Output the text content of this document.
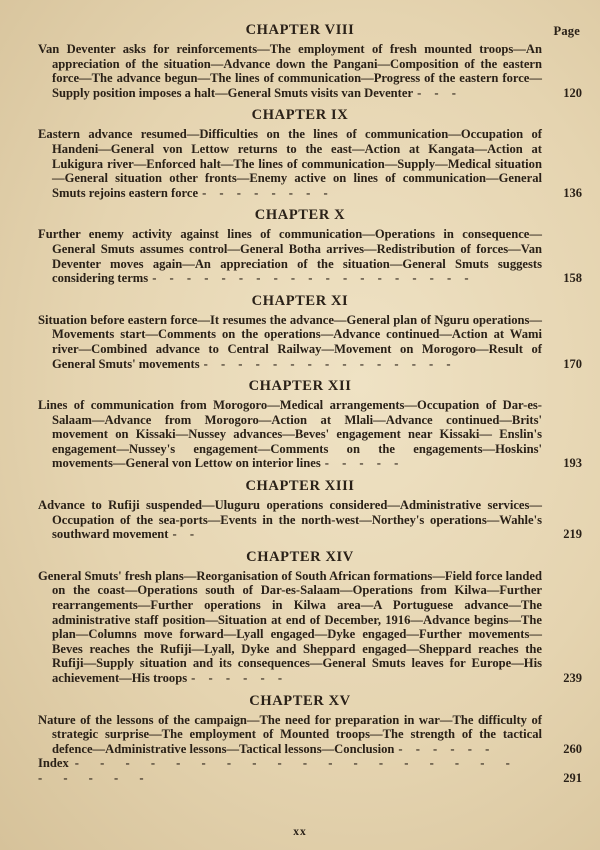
Page
CHAPTER VIII
Van Deventer asks for reinforcements—The employment of fresh mounted troops—An appreciation of the situation—Advance down the Pangani—Composition of the eastern force—The advance begun—The lines of communication—Progress of the eastern force—Supply position imposes a halt—General Smuts visits van Deventer - - -	120
CHAPTER IX
Eastern advance resumed—Difficulties on the lines of communication—Occupation of Handeni—General von Lettow returns to the east—Action at Kangata—Action at Lukigura river—Enforced halt—The lines of communication—Supply—Medical situation—General situation other fronts—Enemy active on lines of communication—General Smuts rejoins eastern force - - - - - - - -	136
CHAPTER X
Further enemy activity against lines of communication—Operations in consequence—General Smuts assumes control—General Botha arrives—Redistribution of forces—Van Deventer moves again—An appreciation of the situation—General Smuts suggests considering terms - - - - - - - - - - - - - - - - - - -	158
CHAPTER XI
Situation before eastern force—It resumes the advance—General plan of Nguru operations—Movements start—Comments on the operations—Advance continued—Action at Wami river—Combined advance to Central Railway—Movement on Morogoro—Result of General Smuts' movements - - - - - - - - - - - - - - -	170
CHAPTER XII
Lines of communication from Morogoro—Medical arrangements—Occupation of Dar-es-Salaam—Advance from Morogoro—Action at Mlali—Advance continued—Brits' movement on Kissaki—Nussey advances—Beves' engagement near Kissaki— Enslin's engagement—Nussey's engagement—Comments on the engagements—Hoskins' movements—General von Lettow on interior lines - - - - -	193
CHAPTER XIII
Advance to Rufiji suspended—Uluguru operations considered—Administrative services—Occupation of the sea-ports—Events in the north-west—Northey's operations—Wahle's southward movement - -	219
CHAPTER XIV
General Smuts' fresh plans—Reorganisation of South African formations—Field force landed on the coast—Operations south of Dar-es-Salaam—Operations from Kilwa—Further rearrangements—Further operations in Kilwa area—A Portuguese advance—The administrative staff position—Situation at end of December, 1916—Advance begins—The plan—Columns move forward—Lyall engaged—Dyke engaged—Further movements—Beves reaches the Rufiji—Lyall, Dyke and Sheppard engaged—Sheppard reaches the Rufiji—Supply situation and its consequences—General Smuts leaves for Europe—His achievement—His troops - - - - - -	239
CHAPTER XV
Nature of the lessons of the campaign—The need for preparation in war—The difficulty of strategic surprise—The employment of Mounted troops—The strength of the tactical defence—Administrative lessons—Tactical lessons—Conclusion - - - - - -	260
Index - - - - - - - - - - - - - - - - - - - - - - -	291
xx
